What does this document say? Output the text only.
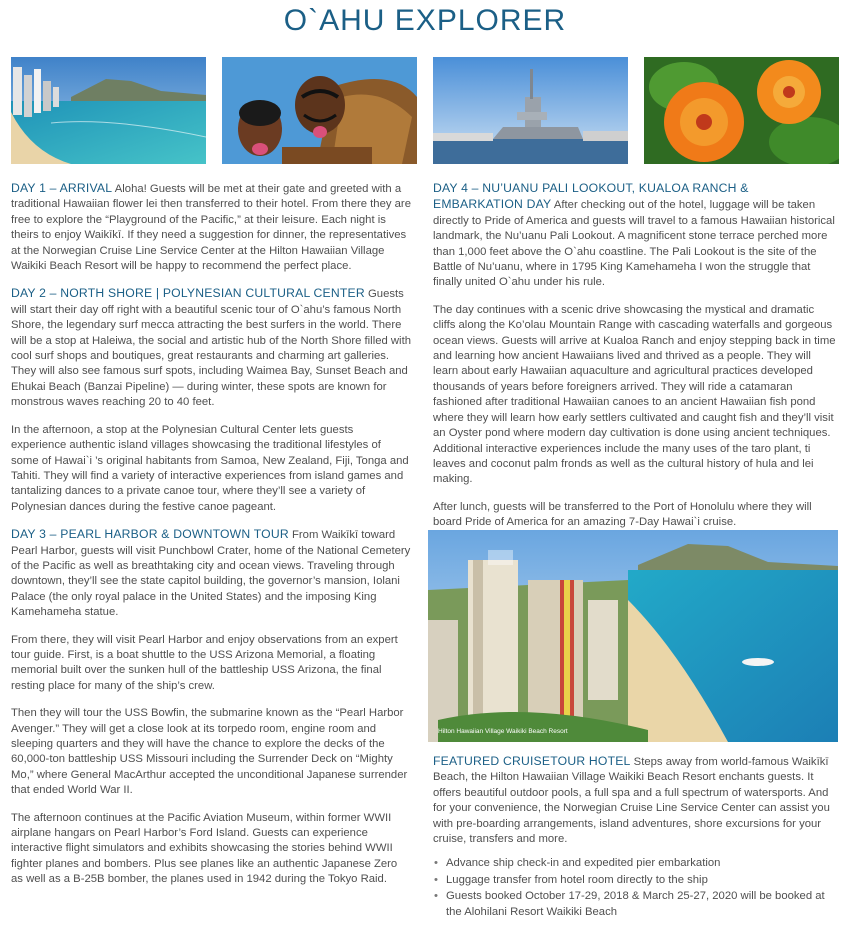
O`AHU EXPLORER

DAY 1 – ARRIVAL Aloha! Guests will be met at their gate and greeted with a traditional Hawaiian flower lei then transferred to their hotel. From there they are free to explore the “Playground of the Pacific,” at their leisure. Each night is theirs to enjoy Waikīkī. If they need a suggestion for dinner, the representatives at the Norwegian Cruise Line Service Center at the Hilton Hawaiian Village Waikiki Beach Resort will be happy to recommend the perfect place.

DAY 2 – NORTH SHORE | POLYNESIAN CULTURAL CENTER Guests will start their day off right with a beautiful scenic tour of O`ahu’s famous North Shore, the legendary surf mecca attracting the best surfers in the world. There will be a stop at Haleiwa, the social and artistic hub of the North Shore filled with cool surf shops and boutiques, great restaurants and charming art galleries. They will also see famous surf spots, including Waimea Bay, Sunset Beach and Ehukai Beach (Banzai Pipeline) — during winter, these spots are known for monstrous waves reaching 20 to 40 feet.

In the afternoon, a stop at the Polynesian Cultural Center lets guests experience authentic island villages showcasing the traditional lifestyles of some of Hawai`i ’s original habitants from Samoa, New Zealand, Fiji, Tonga and Tahiti. They will find a variety of interactive experiences from island games and tantalizing dances to a private canoe tour, where they’ll see a variety of Polynesian dances during the festive canoe pageant.

DAY 3 – PEARL HARBOR & DOWNTOWN TOUR From Waikīkī toward Pearl Harbor, guests will visit Punchbowl Crater, home of the National Cemetery of the Pacific as well as breathtaking city and ocean views. Traveling through downtown, they’ll see the state capitol building, the governor’s mansion, Iolani Palace (the only royal palace in the United States) and the imposing King Kamehameha statue.

From there, they will visit Pearl Harbor and enjoy observations from an expert tour guide. First, is a boat shuttle to the USS Arizona Memorial, a floating memorial built over the sunken hull of the battleship USS Arizona, the final resting place for many of the ship’s crew.

Then they will tour the USS Bowfin, the submarine known as the “Pearl Harbor Avenger.” They will get a close look at its torpedo room, engine room and sleeping quarters and they will have the chance to explore the decks of the 60,000-ton battleship USS Missouri including the Surrender Deck on “Mighty Mo,” where General MacArthur accepted the unconditional Japanese surrender that ended World War II.

The afternoon continues at the Pacific Aviation Museum, within former WWII airplane hangars on Pearl Harbor’s Ford Island. Guests can experience interactive flight simulators and exhibits showcasing the stories behind WWII fighter planes and bombers. Plus see planes like an authentic Japanese Zero as well as a B-25B bomber, the planes used in 1942 during the Tokyo Raid.

DAY 4 – NU’UANU PALI LOOKOUT, KUALOA RANCH & EMBARKATION DAY After checking out of the hotel, luggage will be taken directly to Pride of America and guests will travel to a famous Hawaiian historical landmark, the Nu’uanu Pali Lookout. A magnificent stone terrace perched more than 1,000 feet above the O`ahu coastline. The Pali Lookout is the site of the Battle of Nu’uanu, where in 1795 King Kamehameha I won the struggle that finally united O`ahu under his rule.

The day continues with a scenic drive showcasing the mystical and dramatic cliffs along the Ko’olau Mountain Range with cascading waterfalls and gorgeous ocean views. Guests will arrive at Kualoa Ranch and enjoy stepping back in time and learning how ancient Hawaiians lived and thrived as a people. They will learn about early Hawaiian aquaculture and agricultural practices developed thousands of years before foreigners arrived. They will ride a catamaran fashioned after traditional Hawaiian canoes to an ancient Hawaiian fish pond where they will learn how early settlers cultivated and caught fish and they’ll visit an Oyster pond where modern day cultivation is done using ancient techniques. Additional interactive experiences include the many uses of the taro plant, ti leaves and coconut palm fronds as well as the cultural history of hula and lei making.

After lunch, guests will be transferred to the Port of Honolulu where they will board Pride of America for an amazing 7-Day Hawai`i cruise.

Hilton Hawaiian Village Waikiki Beach Resort

FEATURED CRUISETOUR HOTEL Steps away from world-famous Waikīkī Beach, the Hilton Hawaiian Village Waikiki Beach Resort enchants guests. It offers beautiful outdoor pools, a full spa and a full spectrum of watersports. And for your convenience, the Norwegian Cruise Line Service Center can assist you with pre-boarding arrangements, island adventures, shore excursions for your cruise, transfers and more.

• Advance ship check-in and expedited pier embarkation
• Luggage transfer from hotel room directly to the ship
• Guests booked October 17-29, 2018 & March 25-27, 2020 will be booked at the Alohilani Resort Waikiki Beach
